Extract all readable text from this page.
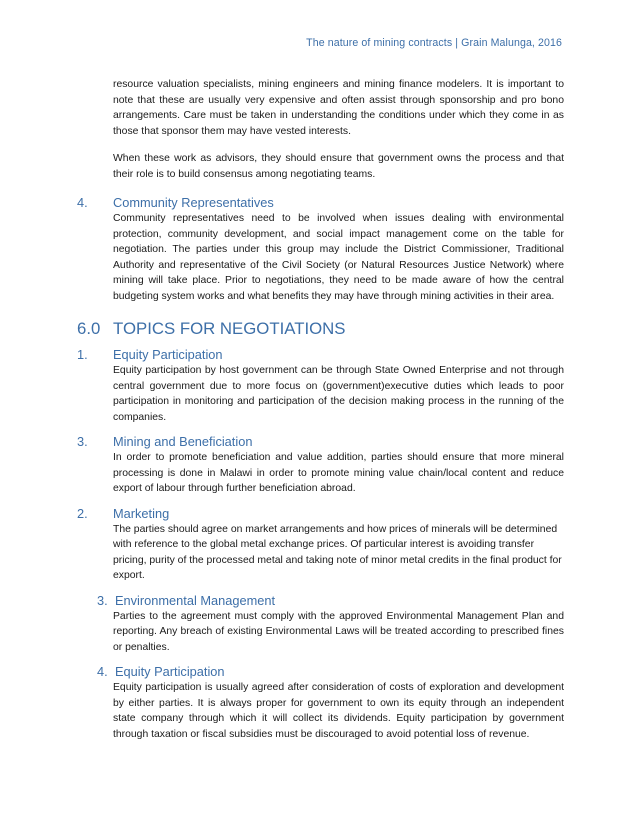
The nature of mining contracts | Grain Malunga, 2016

resource valuation specialists, mining engineers and mining finance modelers. It is important to note that these are usually very expensive and often assist through sponsorship and pro bono arrangements. Care must be taken in understanding the conditions under which they come in as those that sponsor them may have vested interests.

When these work as advisors, they should ensure that government owns the process and that their role is to build consensus among negotiating teams.

4.	Community Representatives

Community representatives need to be involved when issues dealing with environmental protection, community development, and social impact management come on the table for negotiation. The parties under this group may include the District Commissioner, Traditional Authority and representative of the Civil Society (or Natural Resources Justice Network) where mining will take place. Prior to negotiations, they need to be made aware of how the central budgeting system works and what benefits they may have through mining activities in their area.

6.0 TOPICS FOR NEGOTIATIONS
1.	Equity Participation

Equity participation by host government can be through State Owned Enterprise and not through central government due to more focus on (government)executive duties which leads to poor participation in monitoring and participation of the decision making process in the running of the companies.

3.	Mining and Beneficiation

In order to promote beneficiation and value addition, parties should ensure that more mineral processing is done in Malawi in order to promote mining value chain/local content and reduce export of labour through further beneficiation abroad.

2.	Marketing

The parties should agree on market arrangements and how prices of minerals will be determined with reference to the global metal exchange prices. Of particular interest is avoiding transfer pricing, purity of the processed metal and taking note of minor metal credits in the final product for export.

3. Environmental Management

Parties to the agreement must comply with the approved Environmental Management Plan and reporting. Any breach of existing Environmental Laws will be treated according to prescribed fines or penalties.

4. Equity Participation

Equity participation is usually agreed after consideration of costs of exploration and development by either parties. It is always proper for government to own its equity through an independent state company through which it will collect its dividends. Equity participation by government through taxation or fiscal subsidies must be discouraged to avoid potential loss of revenue.
